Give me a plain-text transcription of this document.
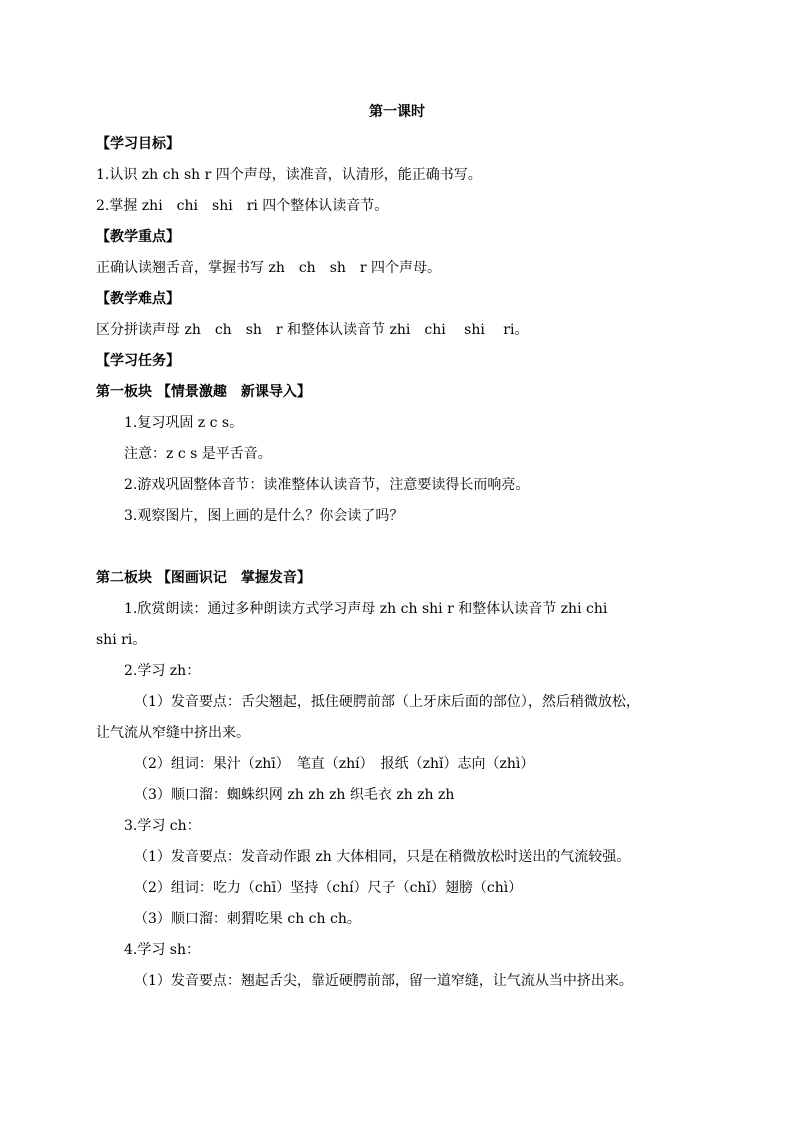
第一课时
【学习目标】
1.认识 zh ch sh r 四个声母，读准音，认清形，能正确书写。
2.掌握 zhi　chi　shi　ri 四个整体认读音节。
【教学重点】
正确认读翘舌音，掌握书写 zh　ch　sh　r 四个声母。
【教学难点】
区分拼读声母 zh　ch　sh　r 和整体认读音节 zhi　chi　 shi　 ri。
【学习任务】
第一板块 【情景激趣　新课导入】
1.复习巩固 z c s。
注意：z c s 是平舌音。
2.游戏巩固整体音节：读准整体认读音节，注意要读得长而响亮。
3.观察图片，图上画的是什么？你会读了吗？
第二板块 【图画识记　掌握发音】
1.欣赏朗读：通过多种朗读方式学习声母 zh ch shi r 和整体认读音节 zhi chi
shi ri。
2.学习 zh：
（1）发音要点：舌尖翘起，抵住硬腭前部（上牙床后面的部位），然后稍微放松，
让气流从窄缝中挤出来。
（2）组词：果汁（zhī）　笔直（zhí）　报纸（zhǐ）志向（zhì）
（3）顺口溜：蜘蛛织网 zh zh zh 织毛衣 zh zh zh
3.学习 ch：
（1）发音要点：发音动作跟 zh 大体相同，只是在稍微放松时送出的气流较强。
（2）组词：吃力（chī）坚持（chí）尺子（chǐ）翅膀（chì）
（3）顺口溜：刺猬吃果 ch ch ch。
4.学习 sh：
（1）发音要点：翘起舌尖，靠近硬腭前部，留一道窄缝，让气流从当中挤出来。
